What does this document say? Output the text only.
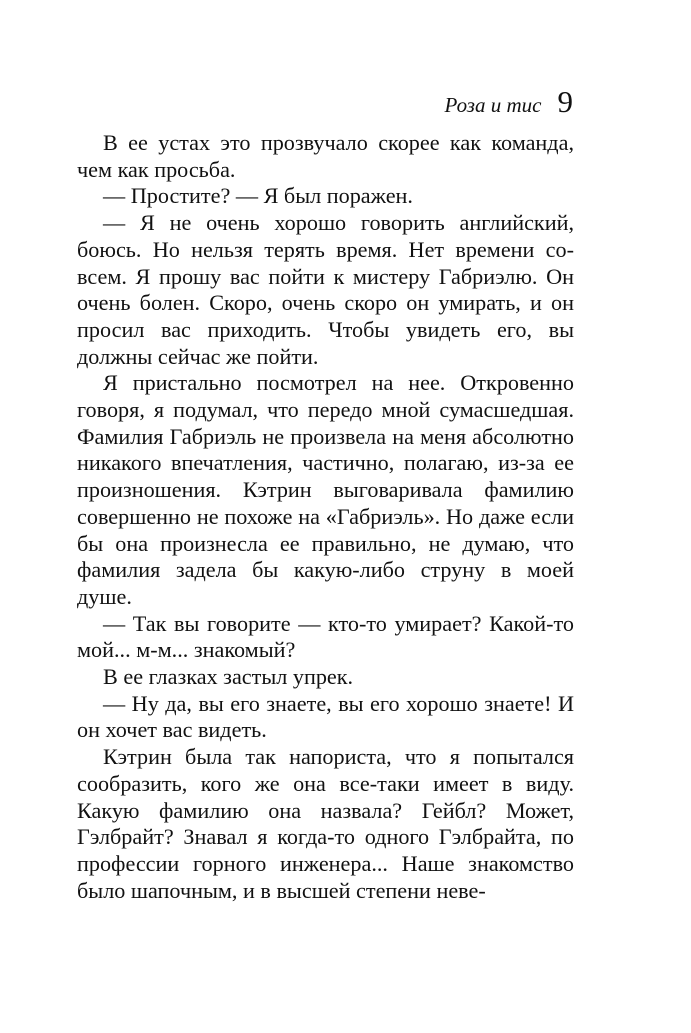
Роза и тис 9

В ее устах это прозвучало скорее как команда, чем как просьба.

— Простите? — Я был поражен.

— Я не очень хорошо говорить английский, боюсь. Но нельзя терять время. Нет времени совсем. Я прошу вас пойти к мистеру Габриэлю. Он очень болен. Скоро, очень скоро он умирать, и он просил вас приходить. Чтобы увидеть его, вы должны сейчас же пойти.

Я пристально посмотрел на нее. Откровенно говоря, я подумал, что передо мной сумасшедшая. Фамилия Габриэль не произвела на меня абсолютно никакого впечатления, частично, полагаю, из-за ее произношения. Кэтрин выговаривала фамилию совершенно не похоже на «Габриэль». Но даже если бы она произнесла ее правильно, не думаю, что фамилия задела бы какую-либо струну в моей душе.

— Так вы говорите — кто-то умирает? Какой-то мой... м-м... знакомый?

В ее глазках застыл упрек.

— Ну да, вы его знаете, вы его хорошо знаете! И он хочет вас видеть.

Кэтрин была так напориста, что я попытался сообразить, кого же она все-таки имеет в виду. Какую фамилию она назвала? Гейбл? Может, Гэлбрайт? Знавал я когда-то одного Гэлбрайта, по профессии горного инженера... Наше знакомство было шапочным, и в высшей степени неве-
